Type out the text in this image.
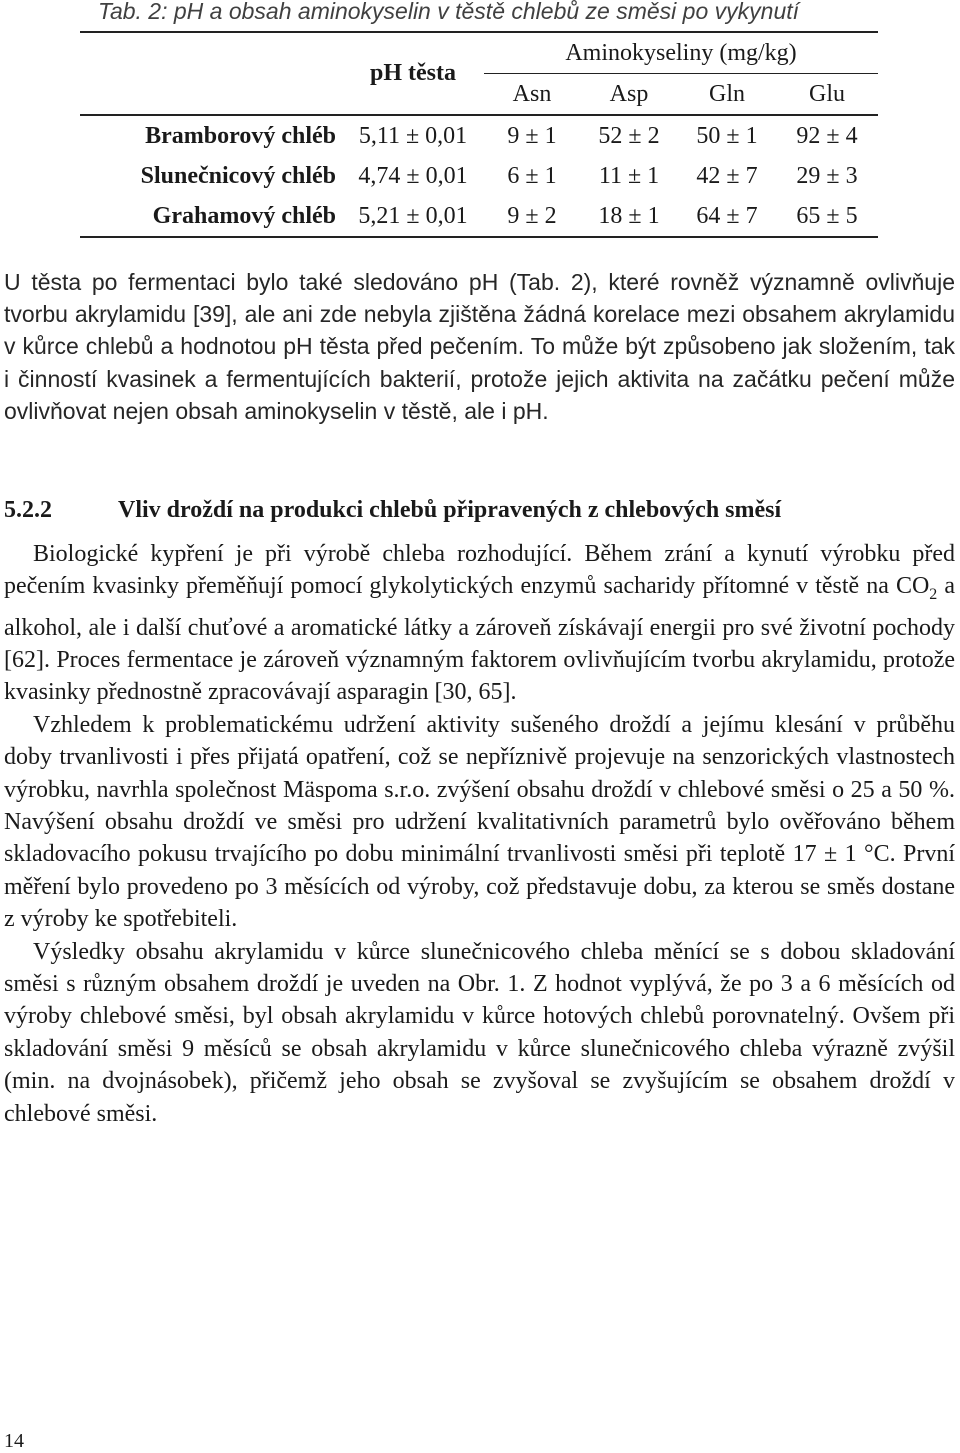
Tab. 2: pH a obsah aminokyselin v těstě chlebů ze směsi po vykynutí
	pH těsta	Aminokyseliny (mg/kg)			
		Asn	Asp	Gln	Glu
Bramborový chléb	5,11 ± 0,01	9 ± 1	52 ± 2	50 ± 1	92 ± 4
Slunečnicový chléb	4,74 ± 0,01	6 ± 1	11 ± 1	42 ± 7	29 ± 3
Grahamový chléb	5,21 ± 0,01	9 ± 2	18 ± 1	64 ± 7	65 ± 5

U těsta po fermentaci bylo také sledováno pH (Tab. 2), které rovněž významně ovlivňuje tvorbu akrylamidu [39], ale ani zde nebyla zjištěna žádná korelace mezi obsahem akrylamidu v kůrce chlebů a hodnotou pH těsta před pečením. To může být způsobeno jak složením, tak i činností kvasinek a fermentujících bakterií, protože jejich aktivita na začátku pečení může ovlivňovat nejen obsah aminokyselin v těstě, ale i pH.

5.2.2	Vliv droždí na produkci chlebů připravených z chlebových směsí

Biologické kypření je při výrobě chleba rozhodující. Během zrání a kynutí výrobku před pečením kvasinky přeměňují pomocí glykolytických enzymů sacharidy přítomné v těstě na $CO_2$ a alkohol, ale i další chuťové a aromatické látky a zároveň získávají energii pro své životní pochody [62]. Proces fermentace je zároveň významným faktorem ovlivňujícím tvorbu akrylamidu, protože kvasinky přednostně zpracovávají asparagin [30, 65].

Vzhledem k problematickému udržení aktivity sušeného droždí a jejímu klesání v průběhu doby trvanlivosti i přes přijatá opatření, což se nepříznivě projevuje na senzorických vlastnostech výrobku, navrhla společnost Mäspoma s.r.o. zvýšení obsahu droždí v chlebové směsi o 25 a 50 %. Navýšení obsahu droždí ve směsi pro udržení kvalitativních parametrů bylo ověřováno během skladovacího pokusu trvajícího po dobu minimální trvanlivosti směsi při teplotě 17 ± 1 °C. První měření bylo provedeno po 3 měsících od výroby, což představuje dobu, za kterou se směs dostane z výroby ke spotřebiteli.

Výsledky obsahu akrylamidu v kůrce slunečnicového chleba měnící se s dobou skladování směsi s různým obsahem droždí je uveden na Obr. 1. Z hodnot vyplývá, že po 3 a 6 měsících od výroby chlebové směsi, byl obsah akrylamidu v kůrce hotových chlebů porovnatelný. Ovšem při skladování směsi 9 měsíců se obsah akrylamidu v kůrce slunečnicového chleba výrazně zvýšil (min. na dvojnásobek), přičemž jeho obsah se zvyšoval se zvyšujícím se obsahem droždí v chlebové směsi.

14
